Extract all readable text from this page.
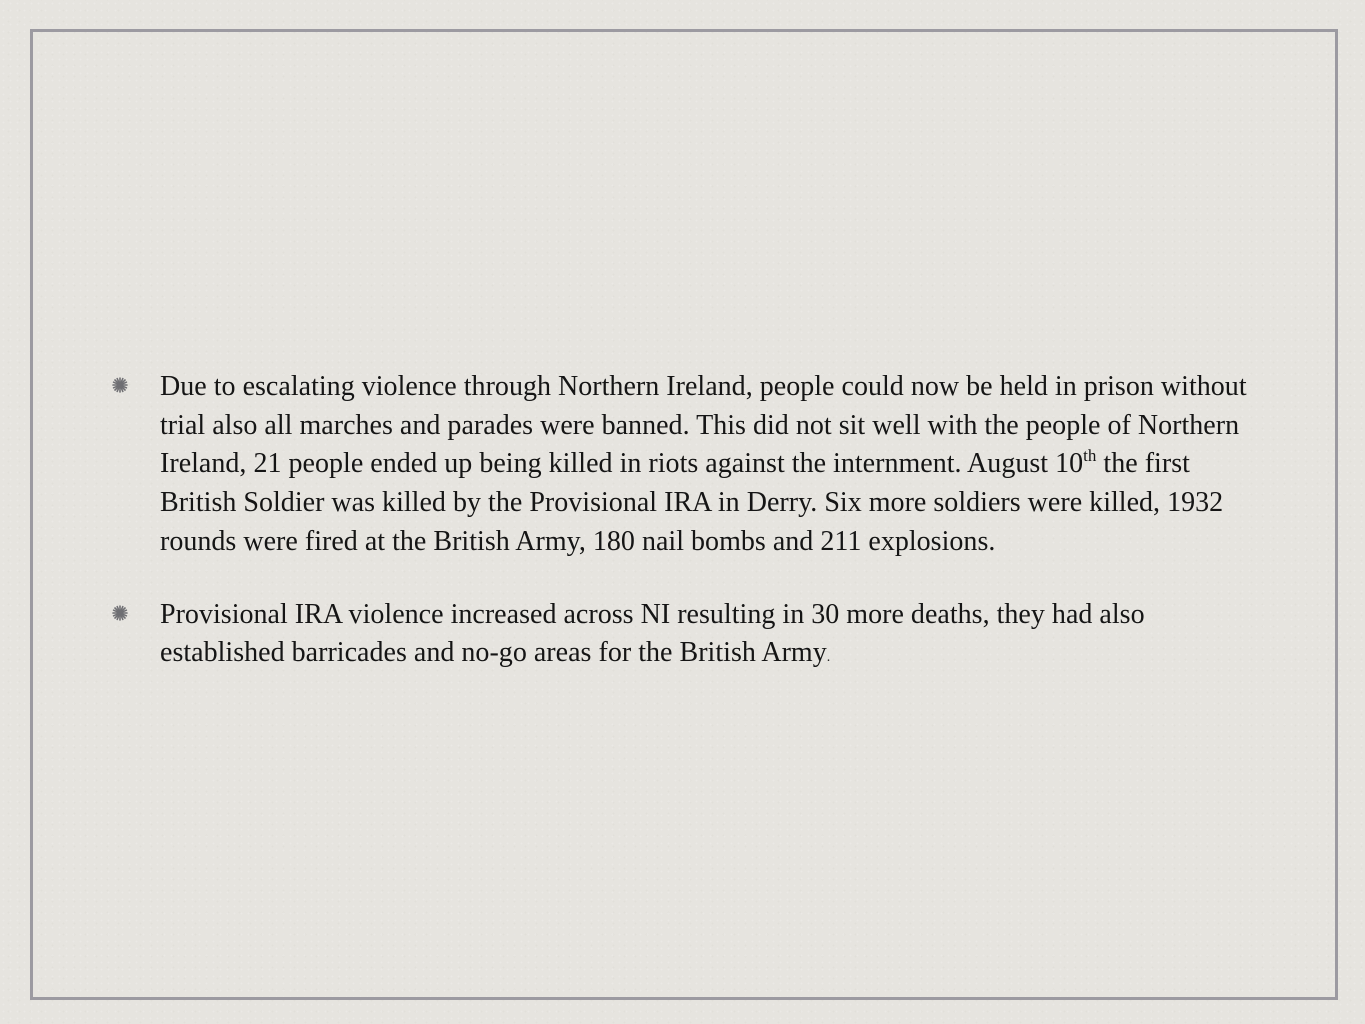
Due to escalating violence through Northern Ireland, people could now be held in prison without trial also all marches and parades were banned. This did not sit well with the people of Northern Ireland, 21 people ended up being killed in riots against the internment. August 10th the first British Soldier was killed by the Provisional IRA in Derry. Six more soldiers were killed, 1932 rounds were fired at the British Army, 180 nail bombs and 211 explosions.
Provisional IRA violence increased across NI resulting in 30 more deaths, they had also established barricades and no-go areas for the British Army.
